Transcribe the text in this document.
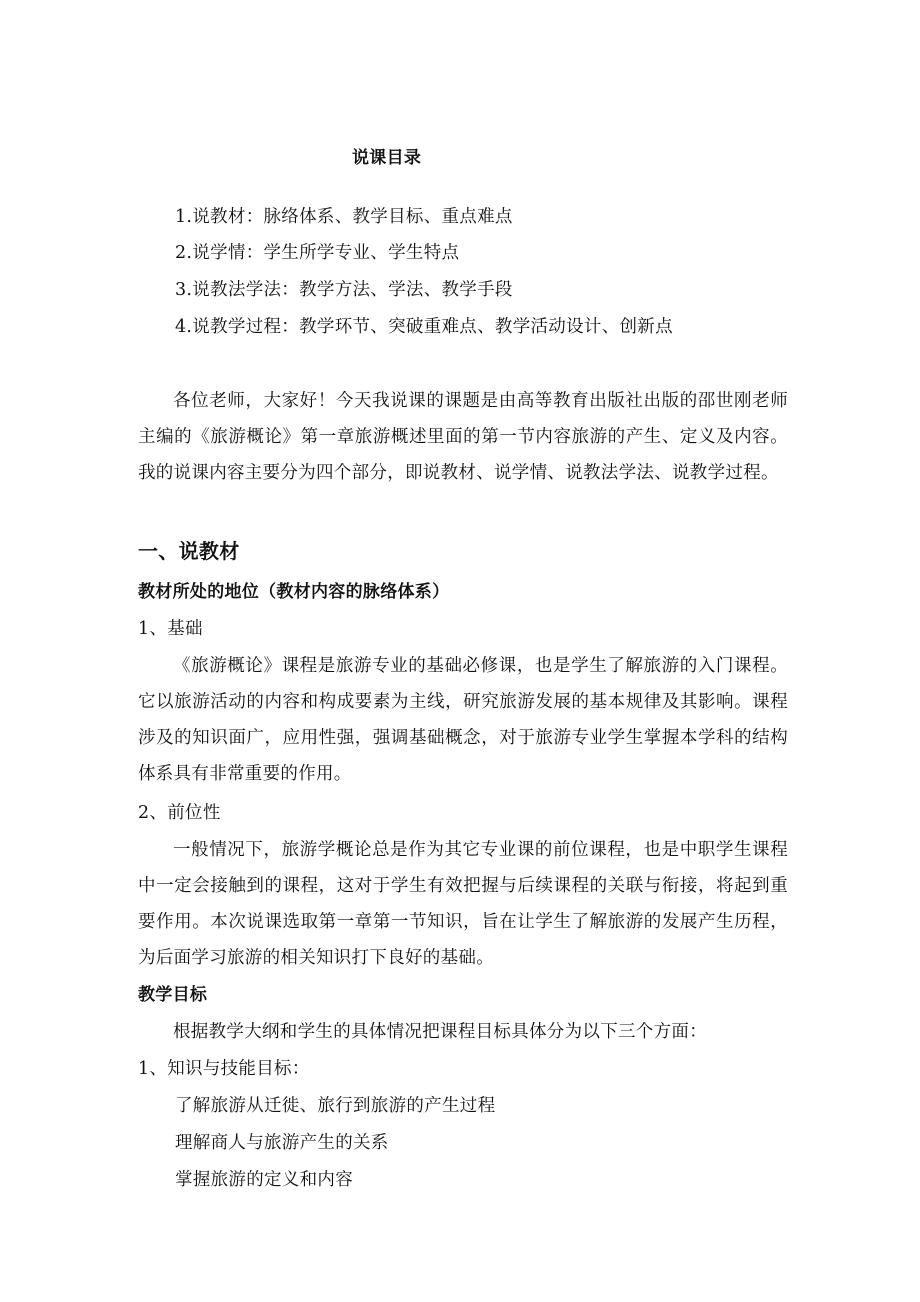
说课目录

1.说教材：脉络体系、教学目标、重点难点

2.说学情：学生所学专业、学生特点

3.说教法学法：教学方法、学法、教学手段

4.说教学过程：教学环节、突破重难点、教学活动设计、创新点

各位老师，大家好！今天我说课的课题是由高等教育出版社出版的邵世刚老师主编的《旅游概论》第一章旅游概述里面的第一节内容旅游的产生、定义及内容。我的说课内容主要分为四个部分，即说教材、说学情、说教法学法、说教学过程。

一、说教材

教材所处的地位（教材内容的脉络体系）

1、基础

《旅游概论》课程是旅游专业的基础必修课，也是学生了解旅游的入门课程。它以旅游活动的内容和构成要素为主线，研究旅游发展的基本规律及其影响。课程涉及的知识面广，应用性强，强调基础概念，对于旅游专业学生掌握本学科的结构体系具有非常重要的作用。

2、前位性

一般情况下，旅游学概论总是作为其它专业课的前位课程，也是中职学生课程中一定会接触到的课程，这对于学生有效把握与后续课程的关联与衔接，将起到重要作用。本次说课选取第一章第一节知识，旨在让学生了解旅游的发展产生历程，为后面学习旅游的相关知识打下良好的基础。

教学目标

根据教学大纲和学生的具体情况把课程目标具体分为以下三个方面：

1、知识与技能目标：

了解旅游从迁徙、旅行到旅游的产生过程

理解商人与旅游产生的关系

掌握旅游的定义和内容
